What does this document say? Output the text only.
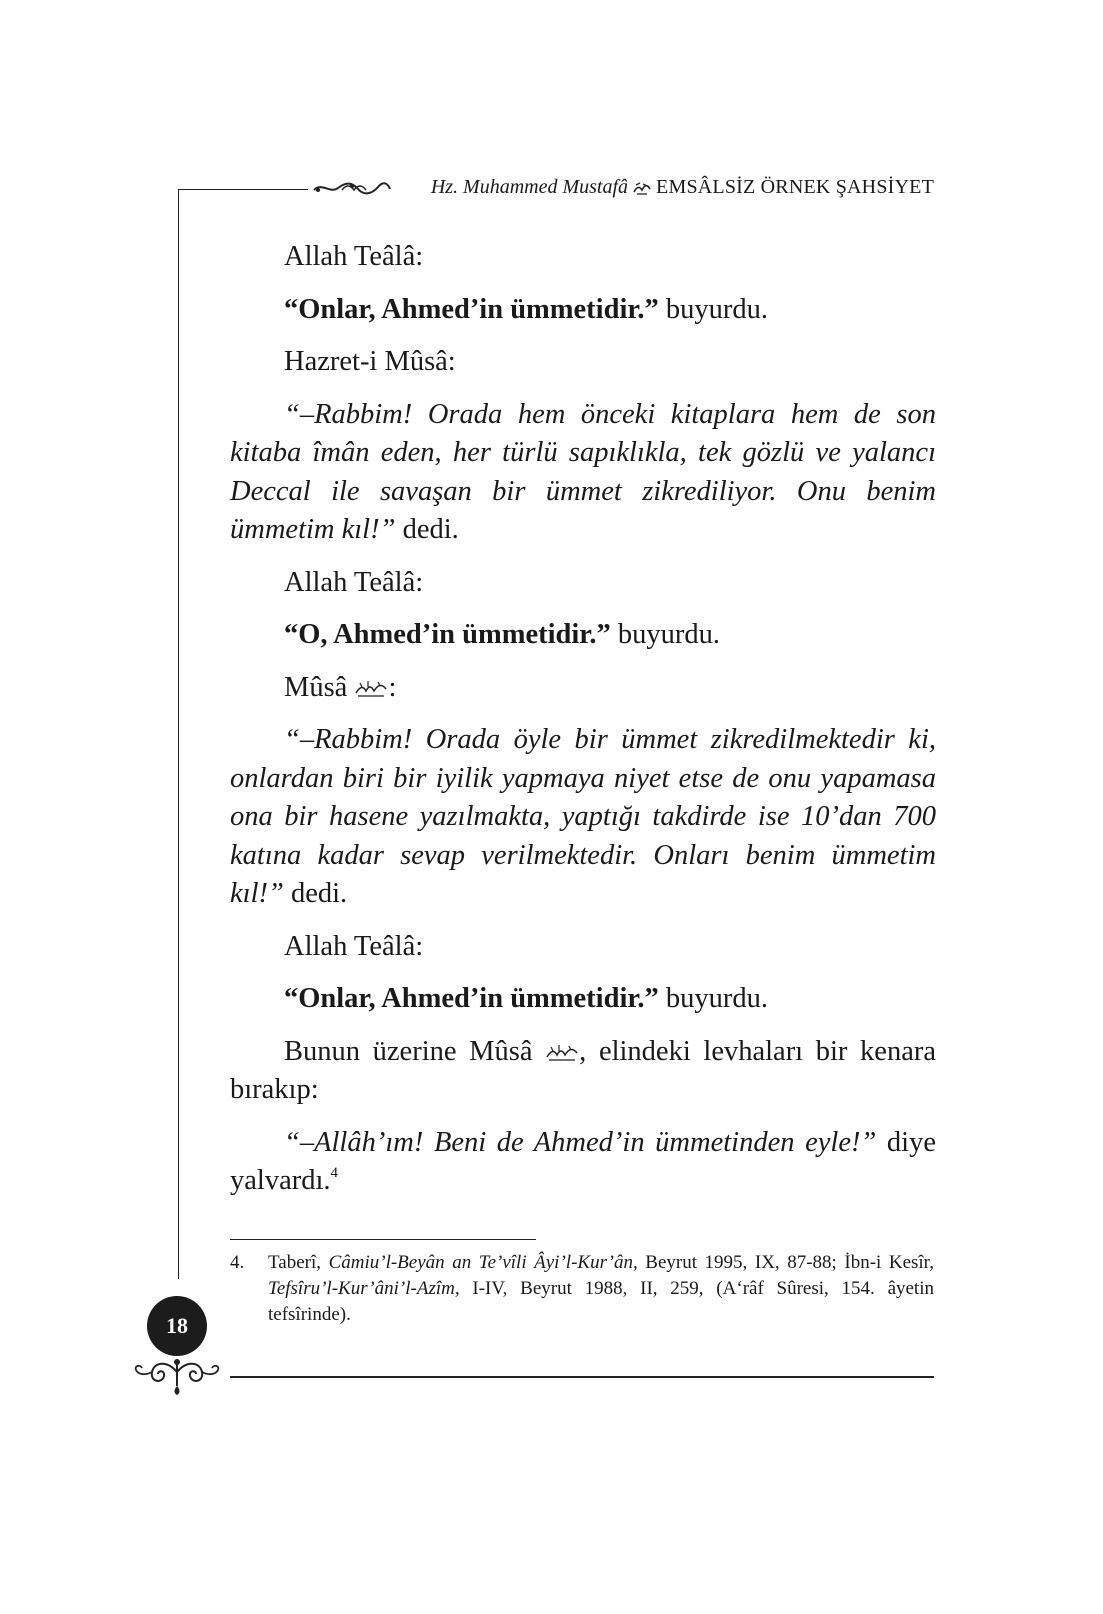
Hz. Muhammed Mustafâ EMSÂLSİZ ÖRNEK ŞAHSİYET

Allah Teâlâ:

“Onlar, Ahmed’in ümmetidir.” buyurdu.

Hazret-i Mûsâ:

“–Rabbim! Orada hem önceki kitaplara hem de son kitaba îmân eden, her türlü sapıklıkla, tek gözlü ve yalancı Deccal ile savaşan bir ümmet zikrediliyor. Onu benim ümmetim kıl!” dedi.

Allah Teâlâ:

“O, Ahmed’in ümmetidir.” buyurdu.

Mûsâ :

“–Rabbim! Orada öyle bir ümmet zikredilmektedir ki, onlardan biri bir iyilik yapmaya niyet etse de onu yapamasa ona bir hasene yazılmakta, yaptığı takdirde ise 10’dan 700 katına kadar sevap verilmektedir. Onları benim ümmetim kıl!” dedi.

Allah Teâlâ:

“Onlar, Ahmed’in ümmetidir.” buyurdu.

Bunun üzerine Mûsâ , elindeki levhaları bir kenara bırakıp:

“–Allâh’ım! Beni de Ahmed’in ümmetinden eyle!” diye yalvardı.$^4$

4. Taberî, Câmiu’l-Beyân an Te’vîli Âyi’l-Kur’ân, Beyrut 1995, IX, 87-88; İbn-i Kesîr, Tefsîru’l-Kur’âni’l-Azîm, I-IV, Beyrut 1988, II, 259, (A‘râf Sûresi, 154. âyetin tefsîrinde).
18
